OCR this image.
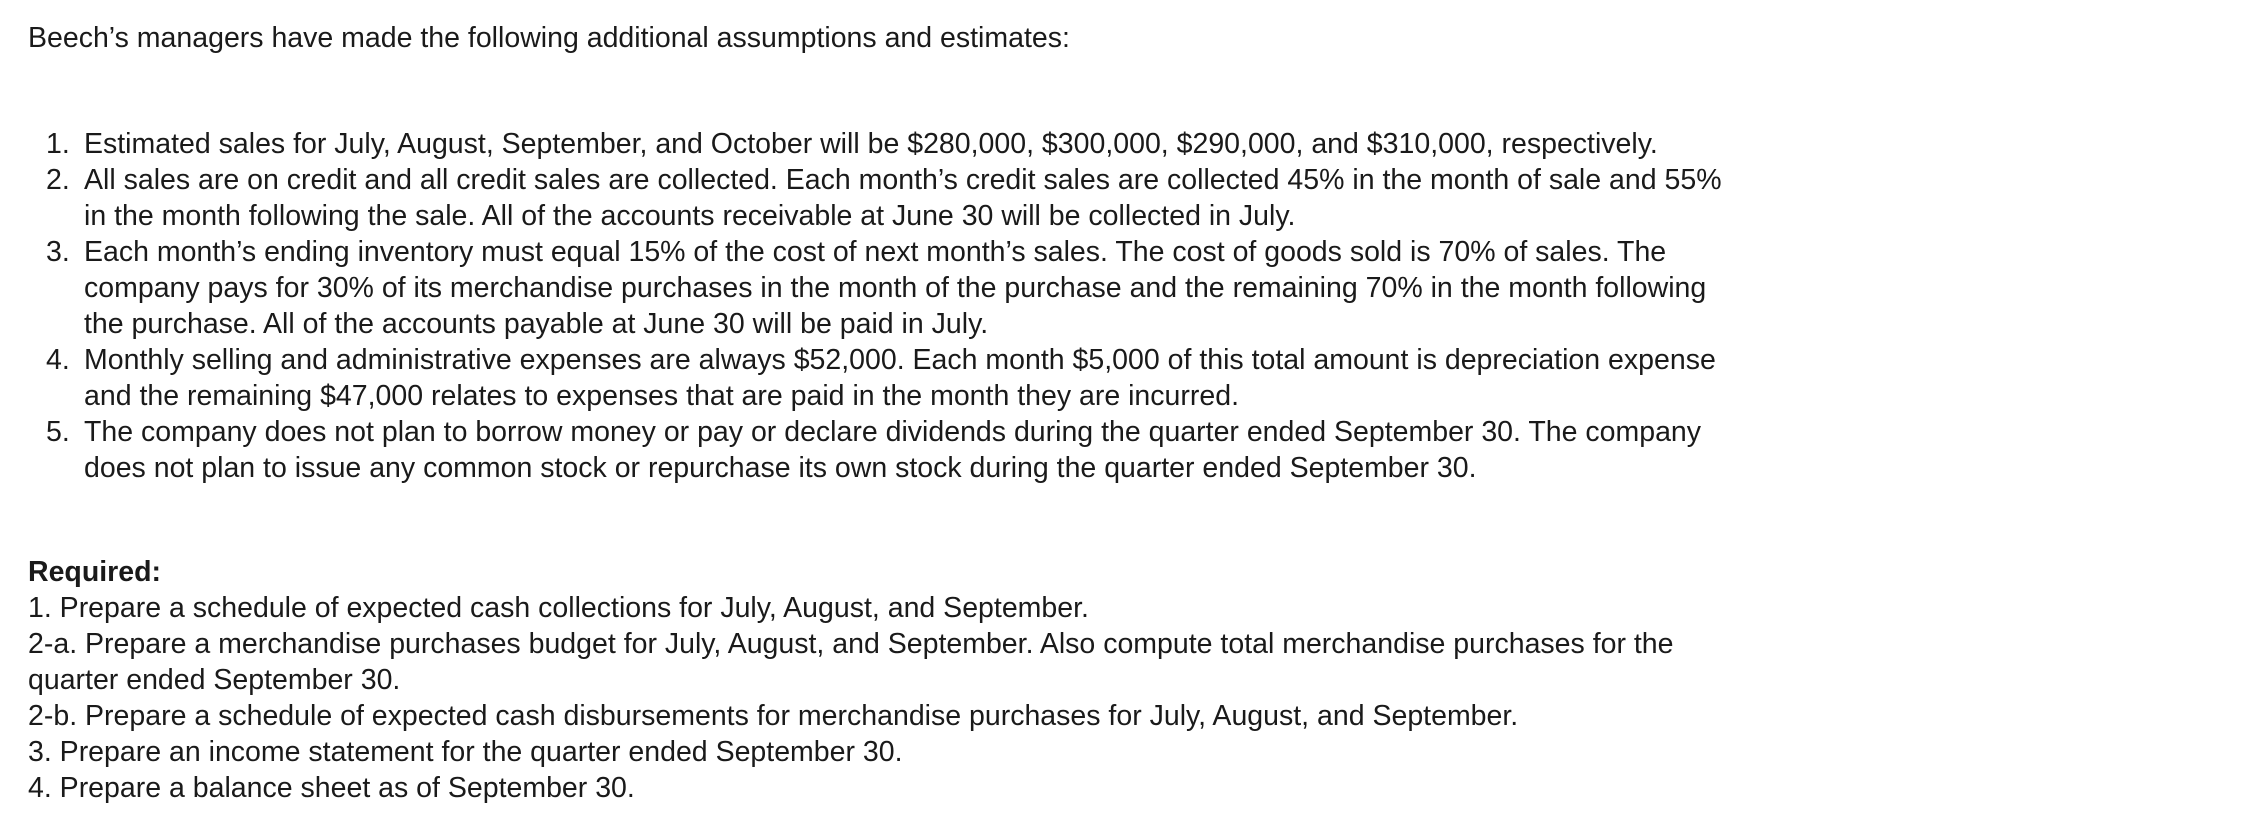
Beech’s managers have made the following additional assumptions and estimates:
1. Estimated sales for July, August, September, and October will be $280,000, $300,000, $290,000, and $310,000, respectively.
2. All sales are on credit and all credit sales are collected. Each month’s credit sales are collected 45% in the month of sale and 55%
in the month following the sale. All of the accounts receivable at June 30 will be collected in July.
3. Each month’s ending inventory must equal 15% of the cost of next month’s sales. The cost of goods sold is 70% of sales. The
company pays for 30% of its merchandise purchases in the month of the purchase and the remaining 70% in the month following
the purchase. All of the accounts payable at June 30 will be paid in July.
4. Monthly selling and administrative expenses are always $52,000. Each month $5,000 of this total amount is depreciation expense
and the remaining $47,000 relates to expenses that are paid in the month they are incurred.
5. The company does not plan to borrow money or pay or declare dividends during the quarter ended September 30. The company
does not plan to issue any common stock or repurchase its own stock during the quarter ended September 30.
Required:
1. Prepare a schedule of expected cash collections for July, August, and September.
2-a. Prepare a merchandise purchases budget for July, August, and September. Also compute total merchandise purchases for the
quarter ended September 30.
2-b. Prepare a schedule of expected cash disbursements for merchandise purchases for July, August, and September.
3. Prepare an income statement for the quarter ended September 30.
4. Prepare a balance sheet as of September 30.
